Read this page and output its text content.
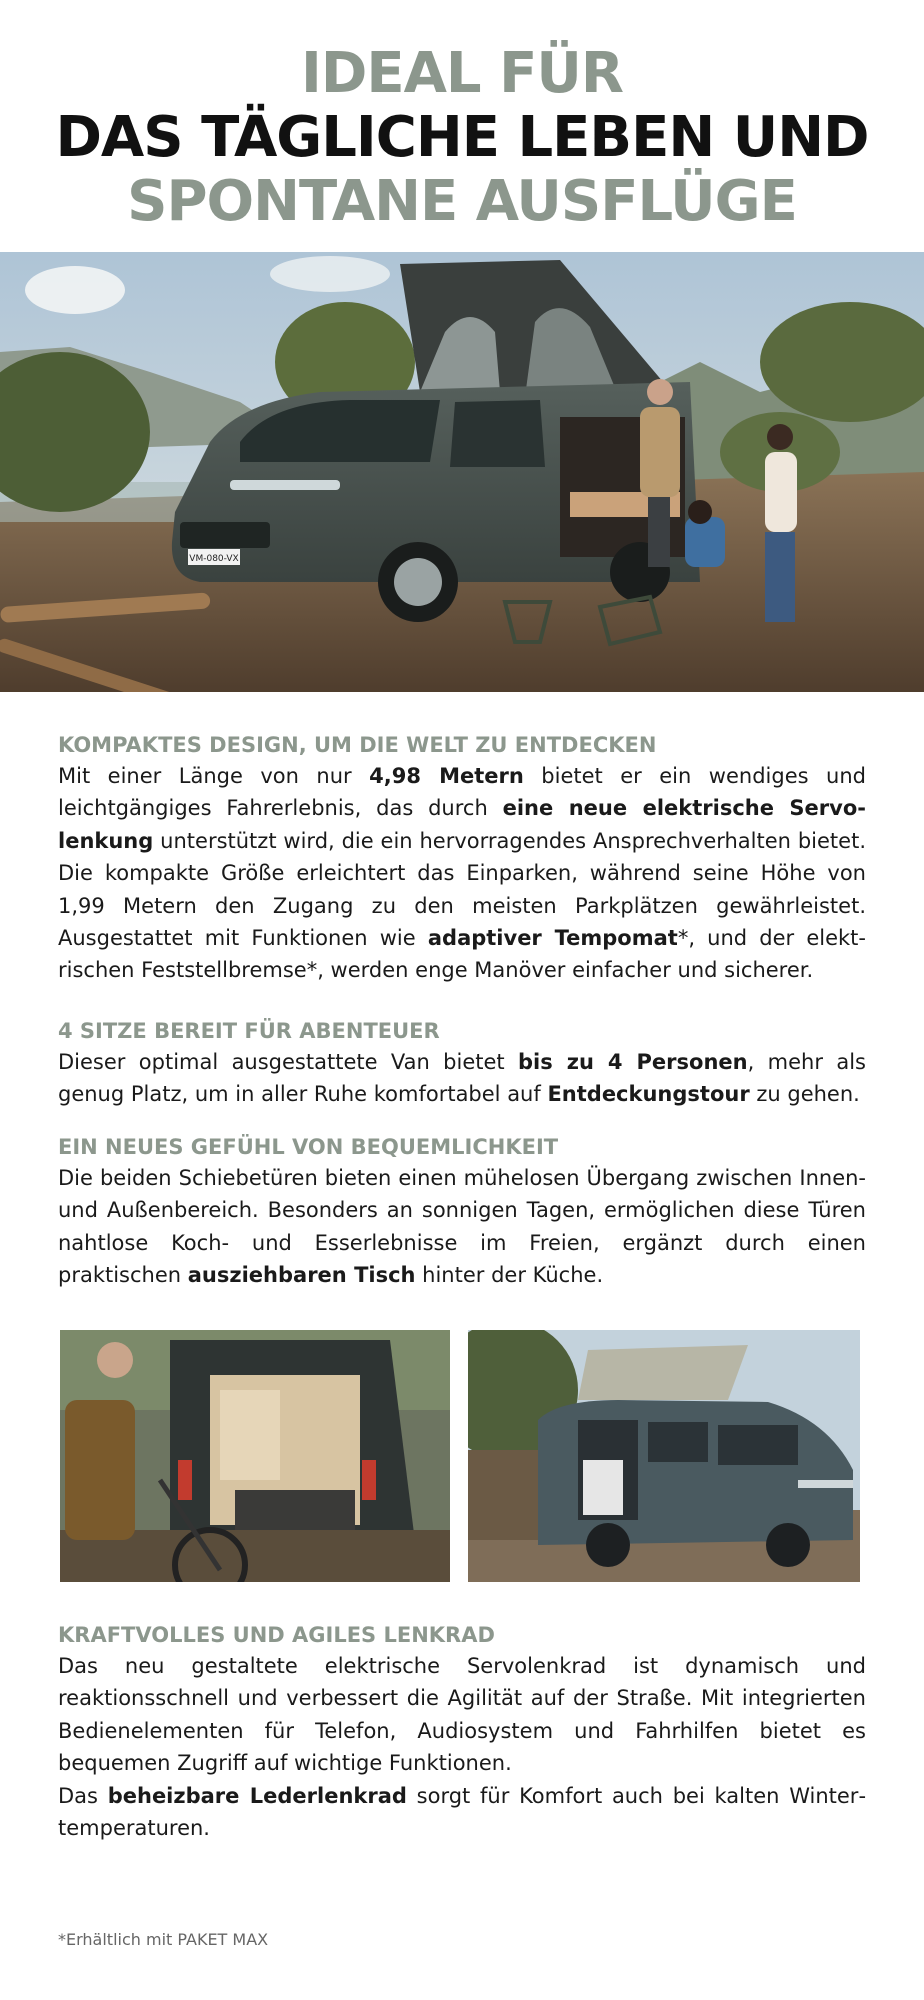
IDEAL FÜR
DAS TÄGLICHE LEBEN UND
SPONTANE AUSFLÜGE
VM-080-VX
KOMPAKTES DESIGN, UM DIE WELT ZU ENTDECKEN

Mit einer Länge von nur 4,98 Metern bietet er ein wendiges und leichtgängiges Fahrerlebnis, das durch eine neue elektrische Servolenkung unterstützt wird, die ein hervorragendes Ansprechverhalten bietet. Die kompakte Größe erleichtert das Einparken, während seine Höhe von 1,99 Metern den Zugang zu den meisten Parkplätzen gewährleistet. Ausgestattet mit Funktionen wie adaptiver Tempomat*, und der elektrischen Feststellbremse*, werden enge Manöver einfacher und sicherer.

4 SITZE BEREIT FÜR ABENTEUER

Dieser optimal ausgestattete Van bietet bis zu 4 Personen, mehr als genug Platz, um in aller Ruhe komfortabel auf Entdeckungstour zu gehen.

EIN NEUES GEFÜHL VON BEQUEMLICHKEIT

Die beiden Schiebetüren bieten einen mühelosen Übergang zwischen Innen- und Außenbereich. Besonders an sonnigen Tagen, ermöglichen diese Türen nahtlose Koch- und Esserlebnisse im Freien, ergänzt durch einen praktischen ausziehbaren Tisch hinter der Küche.

KRAFTVOLLES UND AGILES LENKRAD

Das neu gestaltete elektrische Servolenkrad ist dynamisch und reaktionsschnell und verbessert die Agilität auf der Straße. Mit integrierten Bedienelementen für Telefon, Audiosystem und Fahrhilfen bietet es bequemen Zugriff auf wichtige Funktionen.
Das beheizbare Lederlenkrad sorgt für Komfort auch bei kalten Wintertemperaturen.

*Erhältlich mit PAKET MAX
